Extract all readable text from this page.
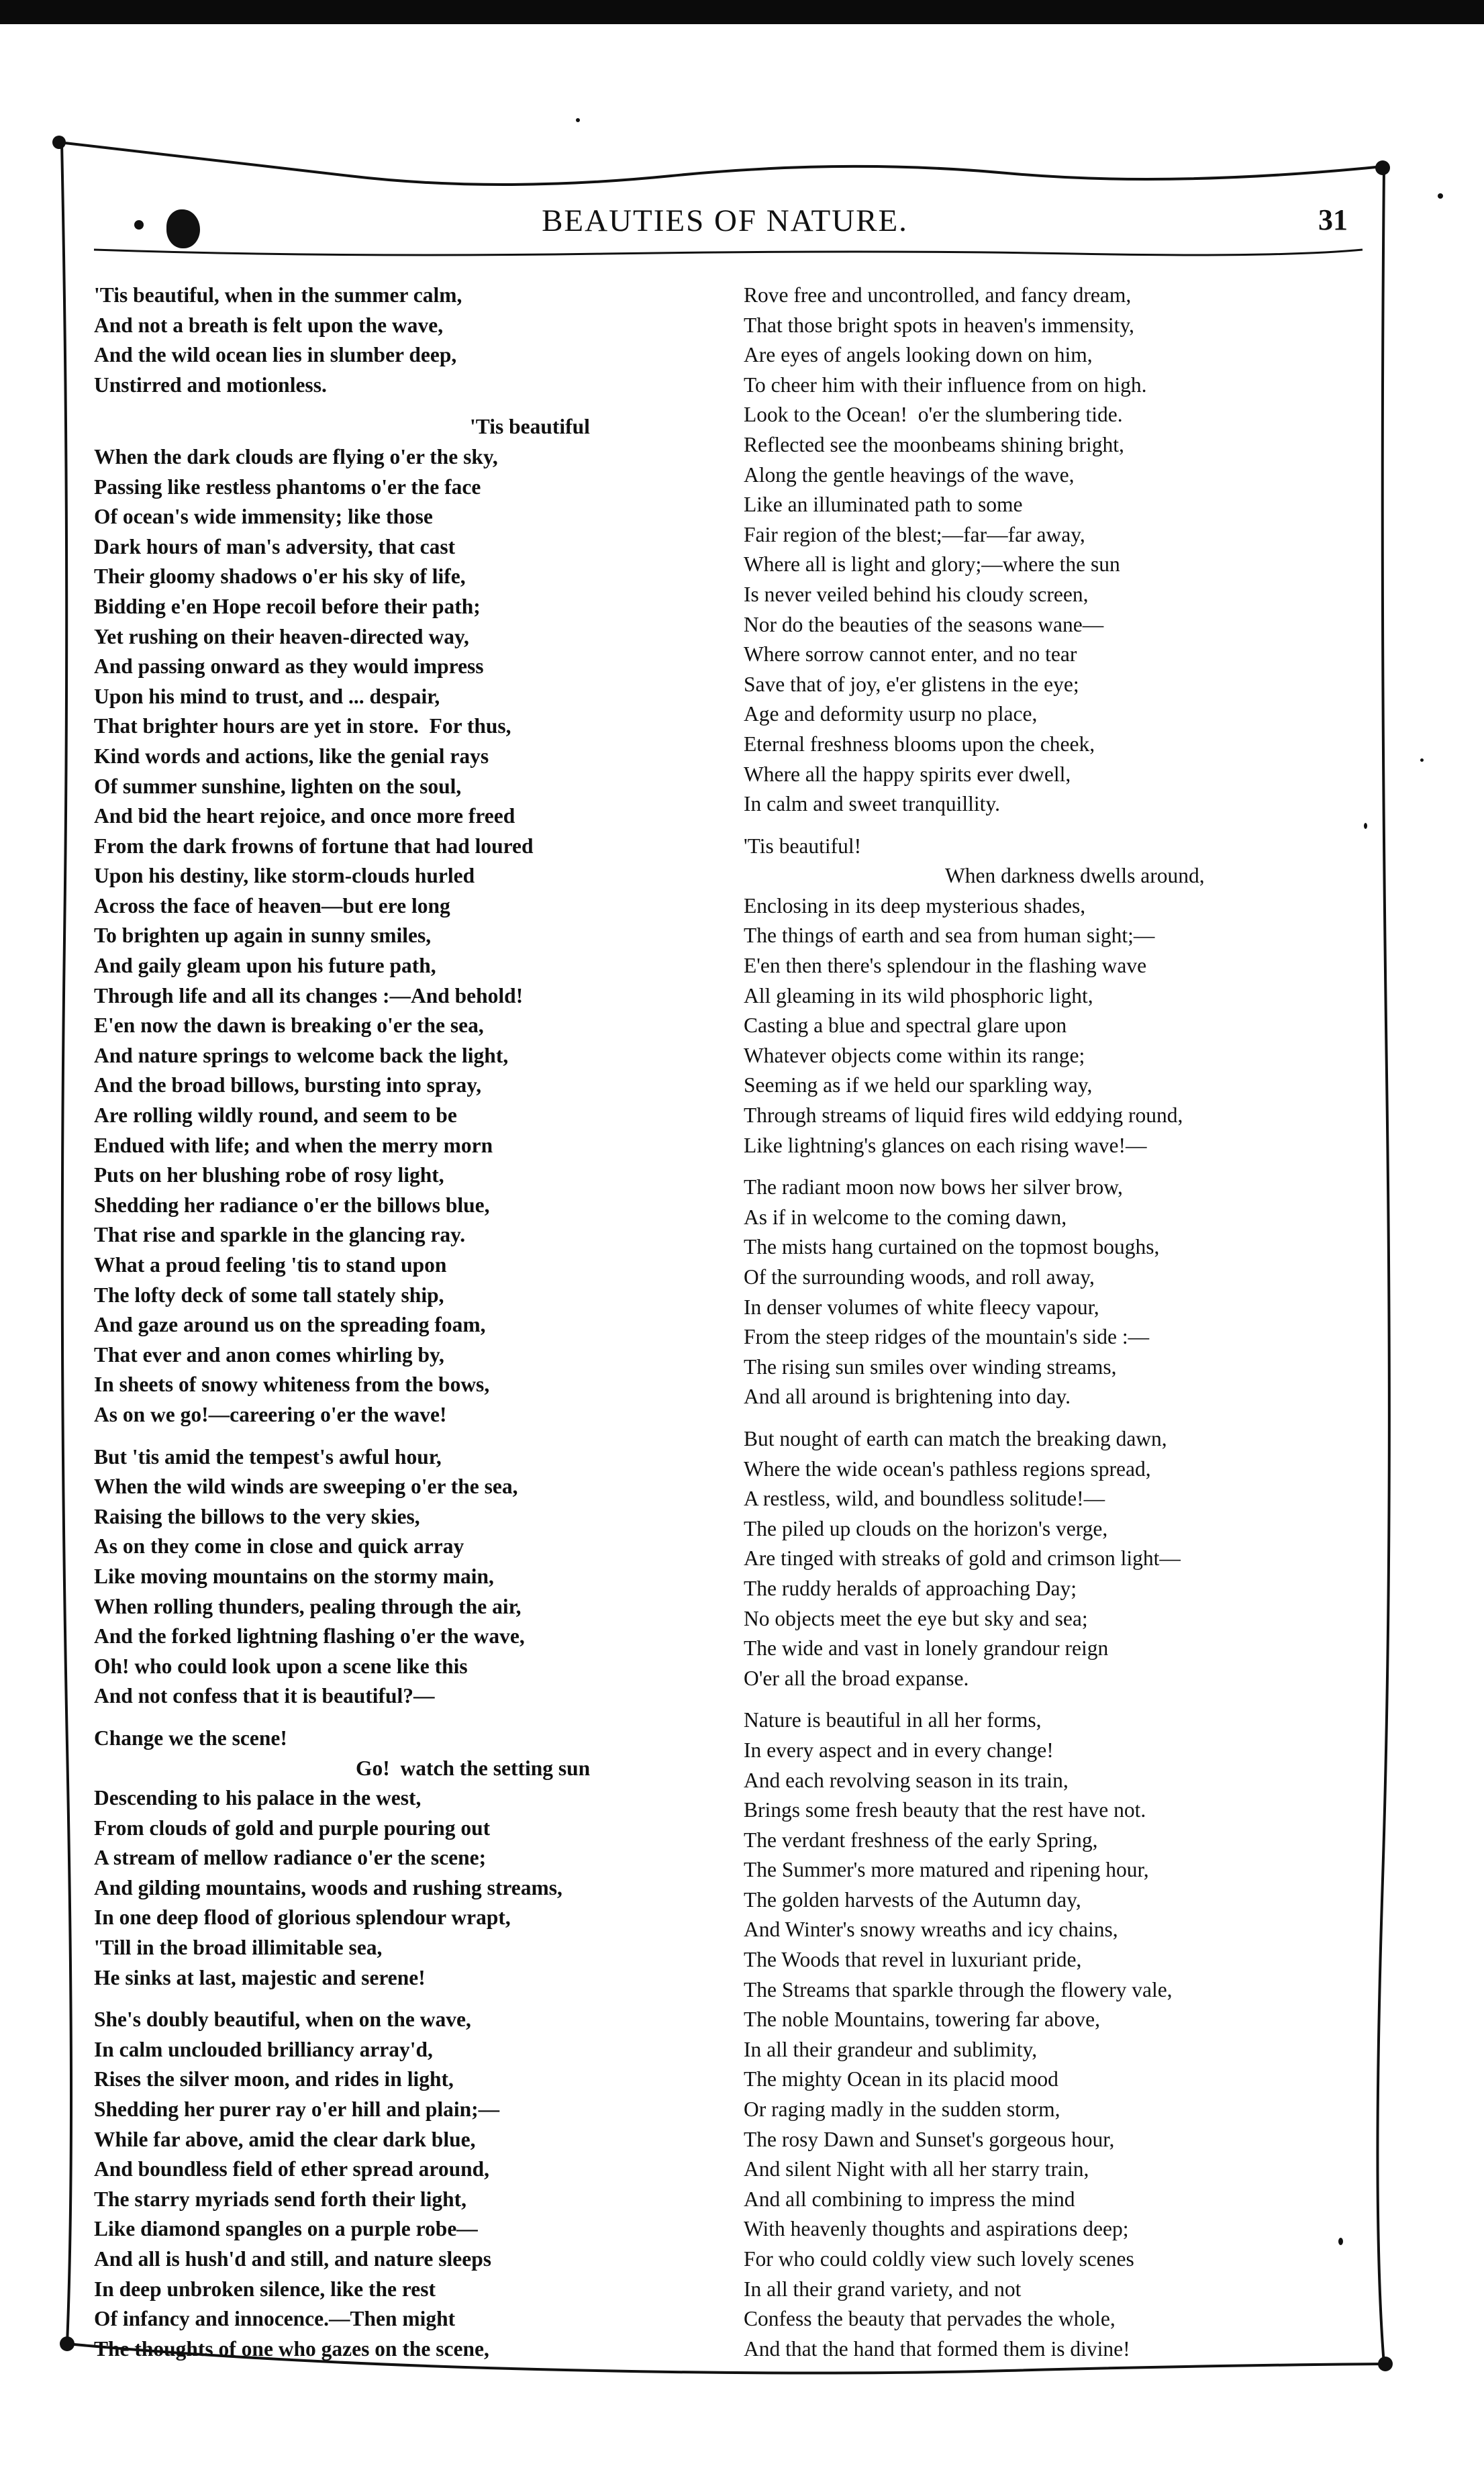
BEAUTIES OF NATURE.	31
'Tis beautiful, when in the summer calm,
And not a breath is felt upon the wave,
And the wild ocean lies in slumber deep,
Unstirred and motionless.
'Tis beautiful
When the dark clouds are flying o'er the sky,
Passing like restless phantoms o'er the face
Of ocean's wide immensity; like those
Dark hours of man's adversity, that cast
Their gloomy shadows o'er his sky of life,
Bidding e'en Hope recoil before their path;
Yet rushing on their heaven-directed way,
And passing onward as they would impress
Upon his mind to trust, and ... despair,
That brighter hours are yet in store.  For thus,
Kind words and actions, like the genial rays
Of summer sunshine, lighten on the soul,
And bid the heart rejoice, and once more freed
From the dark frowns of fortune that had loured
Upon his destiny, like storm-clouds hurled
Across the face of heaven—but ere long
To brighten up again in sunny smiles,
And gaily gleam upon his future path,
Through life and all its changes :—And behold!
E'en now the dawn is breaking o'er the sea,
And nature springs to welcome back the light,
And the broad billows, bursting into spray,
Are rolling wildly round, and seem to be
Endued with life; and when the merry morn
Puts on her blushing robe of rosy light,
Shedding her radiance o'er the billows blue,
That rise and sparkle in the glancing ray.
What a proud feeling 'tis to stand upon
The lofty deck of some tall stately ship,
And gaze around us on the spreading foam,
That ever and anon comes whirling by,
In sheets of snowy whiteness from the bows,
As on we go!—careering o'er the wave!
But 'tis amid the tempest's awful hour,
When the wild winds are sweeping o'er the sea,
Raising the billows to the very skies,
As on they come in close and quick array
Like moving mountains on the stormy main,
When rolling thunders, pealing through the air,
And the forked lightning flashing o'er the wave,
Oh! who could look upon a scene like this
And not confess that it is beautiful?—
Change we the scene!
Go!  watch the setting sun
Descending to his palace in the west,
From clouds of gold and purple pouring out
A stream of mellow radiance o'er the scene;
And gilding mountains, woods and rushing streams,
In one deep flood of glorious splendour wrapt,
'Till in the broad illimitable sea,
He sinks at last, majestic and serene!
She's doubly beautiful, when on the wave,
In calm unclouded brilliancy array'd,
Rises the silver moon, and rides in light,
Shedding her purer ray o'er hill and plain;—
While far above, amid the clear dark blue,
And boundless field of ether spread around,
The starry myriads send forth their light,
Like diamond spangles on a purple robe—
And all is hush'd and still, and nature sleeps
In deep unbroken silence, like the rest
Of infancy and innocence.—Then might
The thoughts of one who gazes on the scene,
Rove free and uncontrolled, and fancy dream,
That those bright spots in heaven's immensity,
Are eyes of angels looking down on him,
To cheer him with their influence from on high.
Look to the Ocean!  o'er the slumbering tide.
Reflected see the moonbeams shining bright,
Along the gentle heavings of the wave,
Like an illuminated path to some
Fair region of the blest;—far—far away,
Where all is light and glory;—where the sun
Is never veiled behind his cloudy screen,
Nor do the beauties of the seasons wane—
Where sorrow cannot enter, and no tear
Save that of joy, e'er glistens in the eye;
Age and deformity usurp no place,
Eternal freshness blooms upon the cheek,
Where all the happy spirits ever dwell,
In calm and sweet tranquillity.
'Tis beautiful!
When darkness dwells around,
Enclosing in its deep mysterious shades,
The things of earth and sea from human sight;—
E'en then there's splendour in the flashing wave
All gleaming in its wild phosphoric light,
Casting a blue and spectral glare upon
Whatever objects come within its range;
Seeming as if we held our sparkling way,
Through streams of liquid fires wild eddying round,
Like lightning's glances on each rising wave!—
The radiant moon now bows her silver brow,
As if in welcome to the coming dawn,
The mists hang curtained on the topmost boughs,
Of the surrounding woods, and roll away,
In denser volumes of white fleecy vapour,
From the steep ridges of the mountain's side :—
The rising sun smiles over winding streams,
And all around is brightening into day.
But nought of earth can match the breaking dawn,
Where the wide ocean's pathless regions spread,
A restless, wild, and boundless solitude!—
The piled up clouds on the horizon's verge,
Are tinged with streaks of gold and crimson light—
The ruddy heralds of approaching Day;
No objects meet the eye but sky and sea;
The wide and vast in lonely grandour reign
O'er all the broad expanse.
Nature is beautiful in all her forms,
In every aspect and in every change!
And each revolving season in its train,
Brings some fresh beauty that the rest have not.
The verdant freshness of the early Spring,
The Summer's more matured and ripening hour,
The golden harvests of the Autumn day,
And Winter's snowy wreaths and icy chains,
The Woods that revel in luxuriant pride,
The Streams that sparkle through the flowery vale,
The noble Mountains, towering far above,
In all their grandeur and sublimity,
The mighty Ocean in its placid mood
Or raging madly in the sudden storm,
The rosy Dawn and Sunset's gorgeous hour,
And silent Night with all her starry train,
And all combining to impress the mind
With heavenly thoughts and aspirations deep;
For who could coldly view such lovely scenes
In all their grand variety, and not
Confess the beauty that pervades the whole,
And that the hand that formed them is divine!
